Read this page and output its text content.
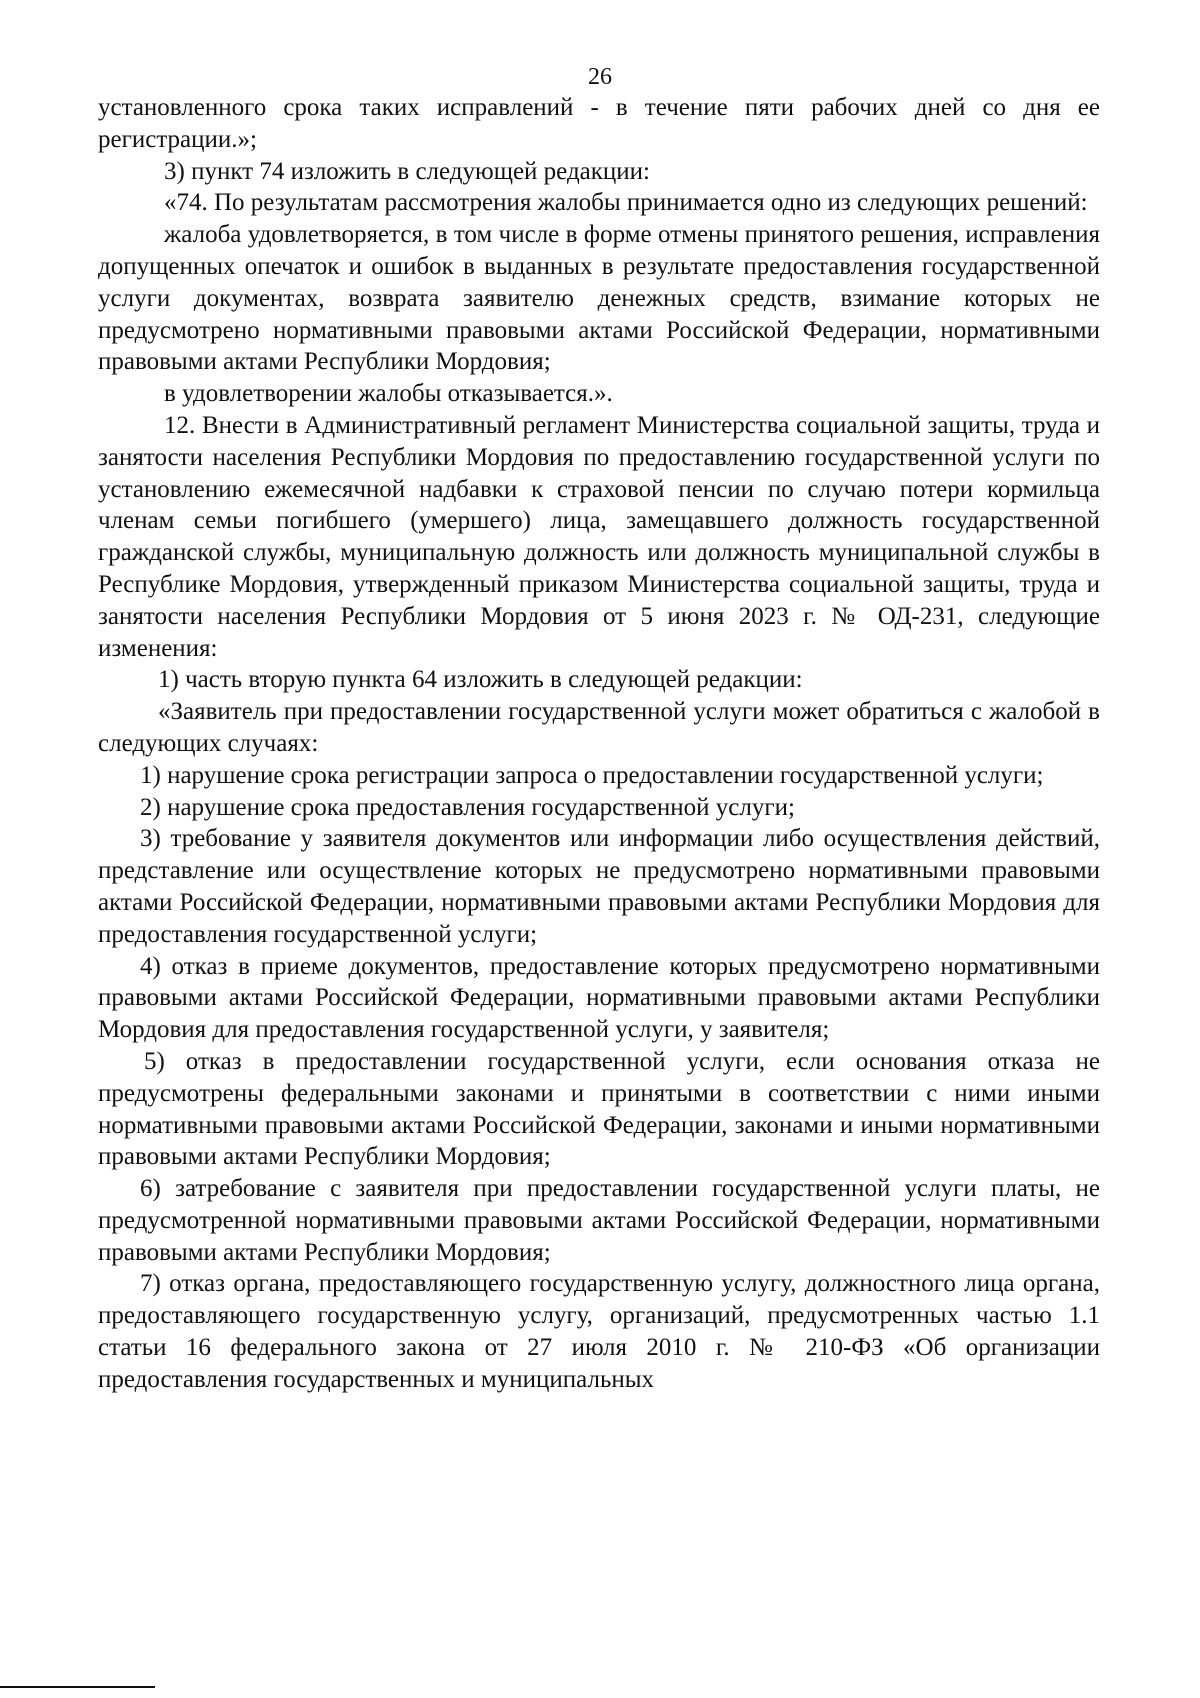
26

установленного срока таких исправлений - в течение пяти рабочих дней со дня ее регистрации.»;

3) пункт 74 изложить в следующей редакции:

«74. По результатам рассмотрения жалобы принимается одно из следующих решений:

жалоба удовлетворяется, в том числе в форме отмены принятого решения, исправления допущенных опечаток и ошибок в выданных в результате предоставления государственной услуги документах, возврата заявителю денежных средств, взимание которых не предусмотрено нормативными правовыми актами Российской Федерации, нормативными правовыми актами Республики Мордовия;

в удовлетворении жалобы отказывается.».

12. Внести в Административный регламент Министерства социальной защиты, труда и занятости населения Республики Мордовия по предоставлению государственной услуги по установлению ежемесячной надбавки к страховой пенсии по случаю потери кормильца членам семьи погибшего (умершего) лица, замещавшего должность государственной гражданской службы, муниципальную должность или должность муниципальной службы в Республике Мордовия, утвержденный приказом Министерства социальной защиты, труда и занятости населения Республики Мордовия от 5 июня 2023 г. № ОД-231, следующие изменения:

1) часть вторую пункта 64 изложить в следующей редакции:

«Заявитель при предоставлении государственной услуги может обратиться с жалобой в следующих случаях:

1) нарушение срока регистрации запроса о предоставлении государственной услуги;

2) нарушение срока предоставления государственной услуги;

3) требование у заявителя документов или информации либо осуществления действий, представление или осуществление которых не предусмотрено нормативными правовыми актами Российской Федерации, нормативными правовыми актами Республики Мордовия для предоставления государственной услуги;

4) отказ в приеме документов, предоставление которых предусмотрено нормативными правовыми актами Российской Федерации, нормативными правовыми актами Республики Мордовия для предоставления государственной услуги, у заявителя;

5) отказ в предоставлении государственной услуги, если основания отказа не предусмотрены федеральными законами и принятыми в соответствии с ними иными нормативными правовыми актами Российской Федерации, законами и иными нормативными правовыми актами Республики Мордовия;

6) затребование с заявителя при предоставлении государственной услуги платы, не предусмотренной нормативными правовыми актами Российской Федерации, нормативными правовыми актами Республики Мордовия;

7) отказ органа, предоставляющего государственную услугу, должностного лица органа, предоставляющего государственную услугу, организаций, предусмотренных частью 1.1 статьи 16 федерального закона от 27 июля 2010 г. № 210-ФЗ «Об организации предоставления государственных и муниципальных
